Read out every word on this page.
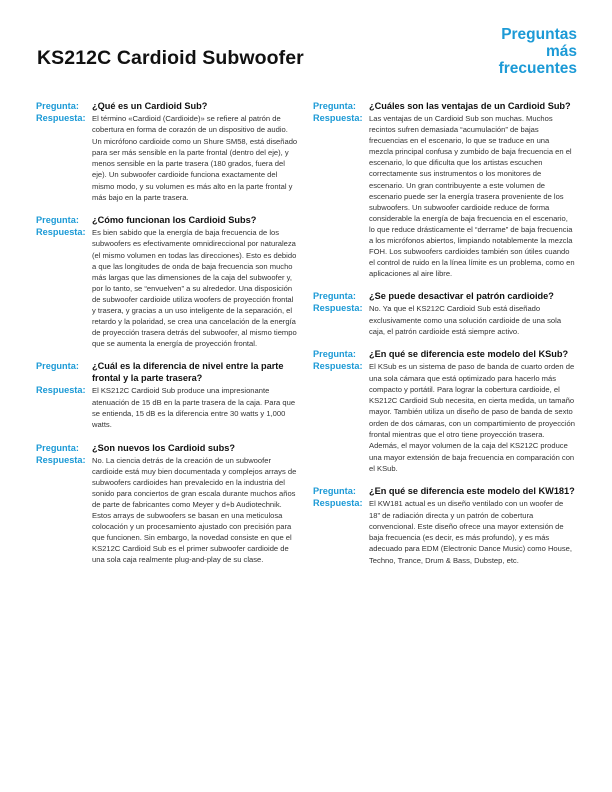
KS212C Cardioid Subwoofer
Preguntas
más
frecuentes
Pregunta:	¿Qué es un Cardioid Sub?
Respuesta: El término «Cardioid (Cardioide)» se refiere al patrón de cobertura en forma de corazón de un dispositivo de audio. Un micrófono cardioide como un Shure SM58, está diseñado para ser más sensible en la parte frontal (dentro del eje), y menos sensible en la parte trasera (180 grados, fuera del eje). Un subwoofer cardioide funciona exactamente del mismo modo, y su volumen es más alto en la parte frontal y más bajo en la parte trasera.
Pregunta:	¿Cómo funcionan los Cardioid Subs?
Respuesta: Es bien sabido que la energía de baja frecuencia de los subwoofers es efectivamente omnidireccional por naturaleza (el mismo volumen en todas las direcciones). Esto es debido a que las longitudes de onda de baja frecuencia son mucho más largas que las dimensiones de la caja del subwoofer y, por lo tanto, se “envuelven” a su alrededor. Una disposición de subwoofer cardioide utiliza woofers de proyección frontal y trasera, y gracias a un uso inteligente de la separación, el retardo y la polaridad, se crea una cancelación de la energía de proyección trasera detrás del subwoofer, al mismo tiempo que se aumenta la energía de proyección frontal.
Pregunta:	¿Cuál es la diferencia de nivel entre la parte frontal y la parte trasera?
Respuesta: El KS212C Cardioid Sub produce una impresionante atenuación de 15 dB en la parte trasera de la caja. Para que se entienda, 15 dB es la diferencia entre 30 watts y 1,000 watts.
Pregunta:	¿Son nuevos los Cardioid subs?
Respuesta: No. La ciencia detrás de la creación de un subwoofer cardioide está muy bien documentada y complejos arrays de subwoofers cardioides han prevalecido en la industria del sonido para conciertos de gran escala durante muchos años de parte de fabricantes como Meyer y d+b Audiotechnik. Estos arrays de subwoofers se basan en una meticulosa colocación y un procesamiento ajustado con precisión para que funcionen. Sin embargo, la novedad consiste en que el KS212C Cardioid Sub es el primer subwoofer cardioide de una sola caja realmente plug-and-play de su clase.
Pregunta:	¿Cuáles son las ventajas de un Cardioid Sub?
Respuesta: Las ventajas de un Cardioid Sub son muchas. Muchos recintos sufren demasiada “acumulación” de bajas frecuencias en el escenario, lo que se traduce en una mezcla principal confusa y zumbido de baja frecuencia en el escenario, lo que dificulta que los artistas escuchen correctamente sus instrumentos o los monitores de escenario. Un gran contribuyente a este volumen de escenario puede ser la energía trasera proveniente de los subwoofers. Un subwoofer cardioide reduce de forma considerable la energía de baja frecuencia en el escenario, lo que reduce drásticamente el “derrame” de baja frecuencia a los micrófonos abiertos, limpiando notablemente la mezcla FOH. Los subwoofers cardioides también son útiles cuando el control de ruido en la línea límite es un problema, como en aplicaciones al aire libre.
Pregunta:	¿Se puede desactivar el patrón cardioide?
Respuesta: No. Ya que el KS212C Cardioid Sub está diseñado exclusivamente como una solución cardioide de una sola caja, el patrón cardioide está siempre activo.
Pregunta:	¿En qué se diferencia este modelo del KSub?
Respuesta: El KSub es un sistema de paso de banda de cuarto orden de una sola cámara que está optimizado para hacerlo más compacto y portátil. Para lograr la cobertura cardioide, el KS212C Cardioid Sub necesita, en cierta medida, un tamaño mayor. También utiliza un diseño de paso de banda de sexto orden de dos cámaras, con un compartimiento de proyección frontal mientras que el otro tiene proyección trasera. Además, el mayor volumen de la caja del KS212C produce una mayor extensión de baja frecuencia en comparación con el KSub.
Pregunta:	¿En qué se diferencia este modelo del KW181?
Respuesta: El KW181 actual es un diseño ventilado con un woofer de 18” de radiación directa y un patrón de cobertura convencional. Este diseño ofrece una mayor extensión de baja frecuencia (es decir, es más profundo), y es más adecuado para EDM (Electronic Dance Music) como House, Techno, Trance, Drum & Bass, Dubstep, etc.
